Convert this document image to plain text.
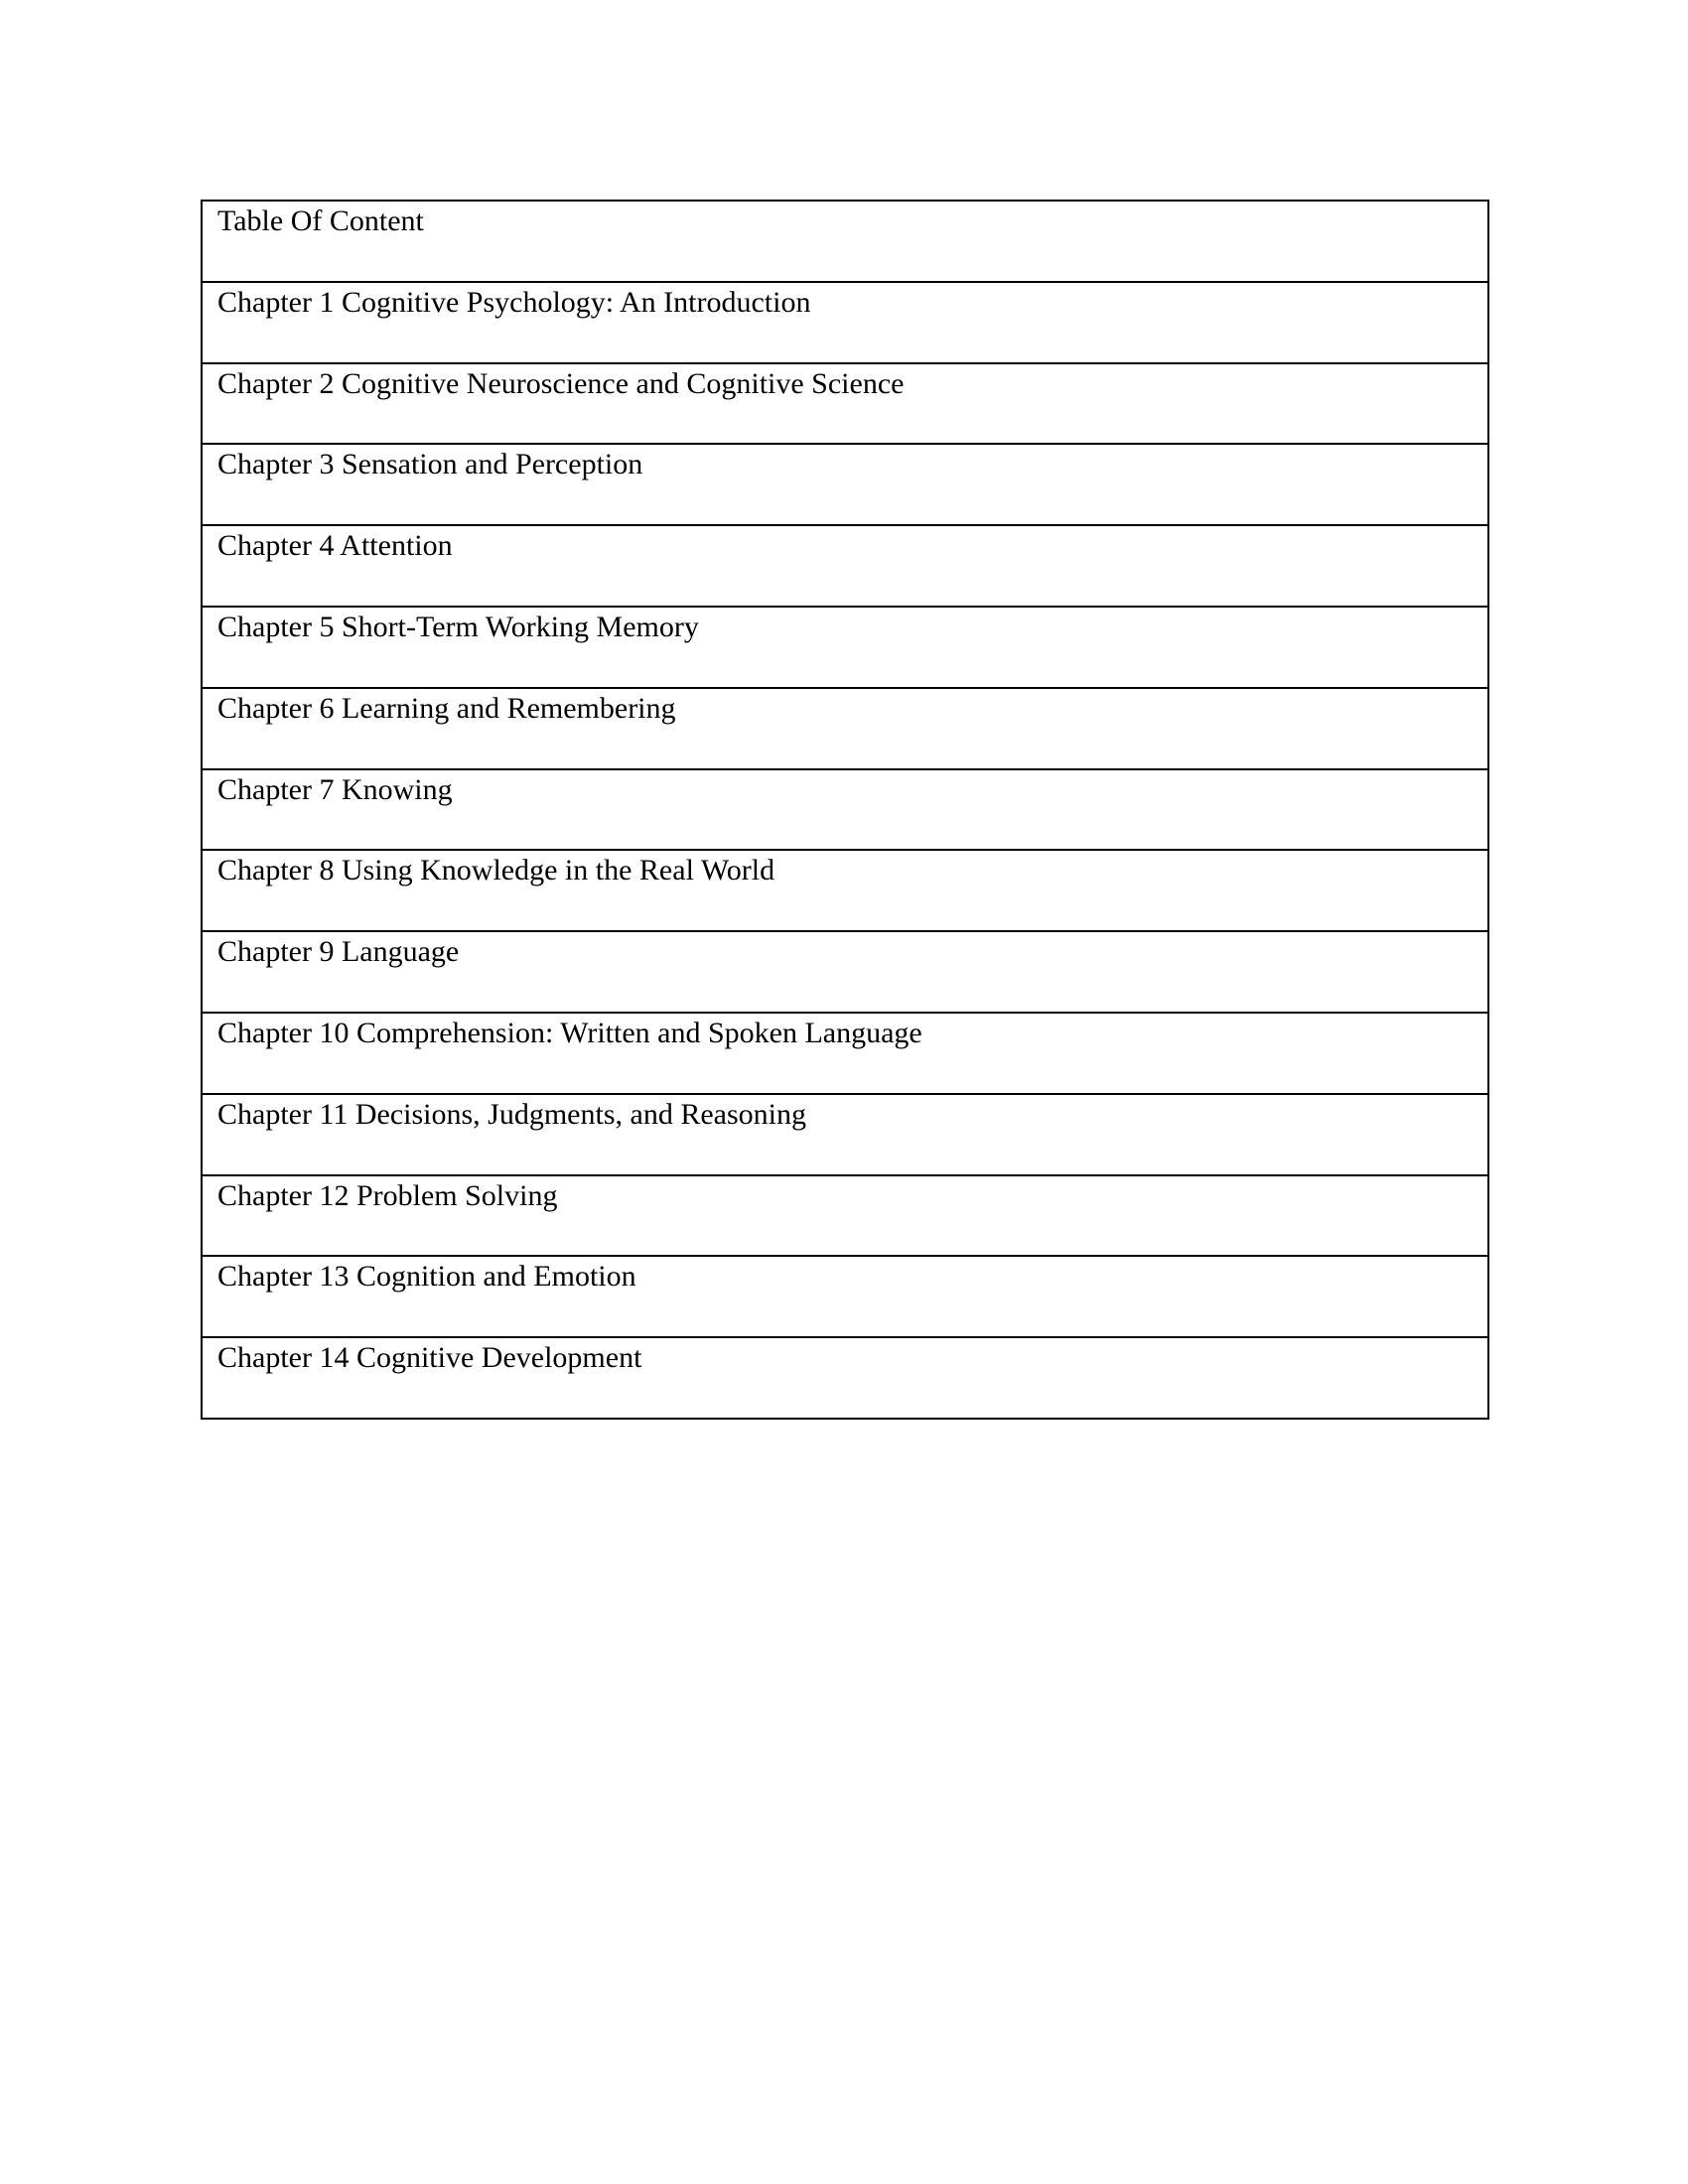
Table Of Content
Chapter 1 Cognitive Psychology: An Introduction
Chapter 2 Cognitive Neuroscience and Cognitive Science
Chapter 3 Sensation and Perception
Chapter 4 Attention
Chapter 5 Short-Term Working Memory
Chapter 6 Learning and Remembering
Chapter 7 Knowing
Chapter 8 Using Knowledge in the Real World
Chapter 9 Language
Chapter 10 Comprehension: Written and Spoken Language
Chapter 11 Decisions, Judgments, and Reasoning
Chapter 12 Problem Solving
Chapter 13 Cognition and Emotion
Chapter 14 Cognitive Development
